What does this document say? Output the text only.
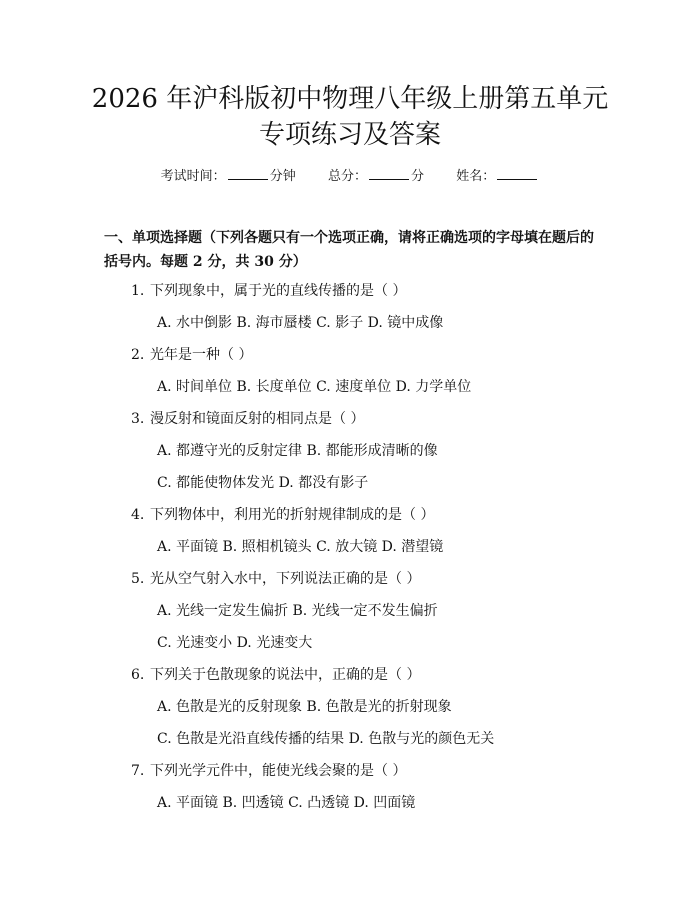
2026 年沪科版初中物理八年级上册第五单元
专项练习及答案
考试时间：	分钟 总分：	分 姓名：

一、单项选择题（下列各题只有一个选项正确，请将正确选项的字母填在题后的括号内。每题 2 分，共 30 分）

1. 下列现象中，属于光的直线传播的是（ ）
A. 水中倒影 B. 海市蜃楼 C. 影子 D. 镜中成像
2. 光年是一种（ ）
A. 时间单位 B. 长度单位 C. 速度单位 D. 力学单位
3. 漫反射和镜面反射的相同点是（ ）
A. 都遵守光的反射定律 B. 都能形成清晰的像
C. 都能使物体发光 D. 都没有影子
4. 下列物体中，利用光的折射规律制成的是（ ）
A. 平面镜 B. 照相机镜头 C. 放大镜 D. 潜望镜
5. 光从空气射入水中，下列说法正确的是（ ）
A. 光线一定发生偏折 B. 光线一定不发生偏折
C. 光速变小 D. 光速变大
6. 下列关于色散现象的说法中，正确的是（ ）
A. 色散是光的反射现象 B. 色散是光的折射现象
C. 色散是光沿直线传播的结果 D. 色散与光的颜色无关
7. 下列光学元件中，能使光线会聚的是（ ）
A. 平面镜 B. 凹透镜 C. 凸透镜 D. 凹面镜
